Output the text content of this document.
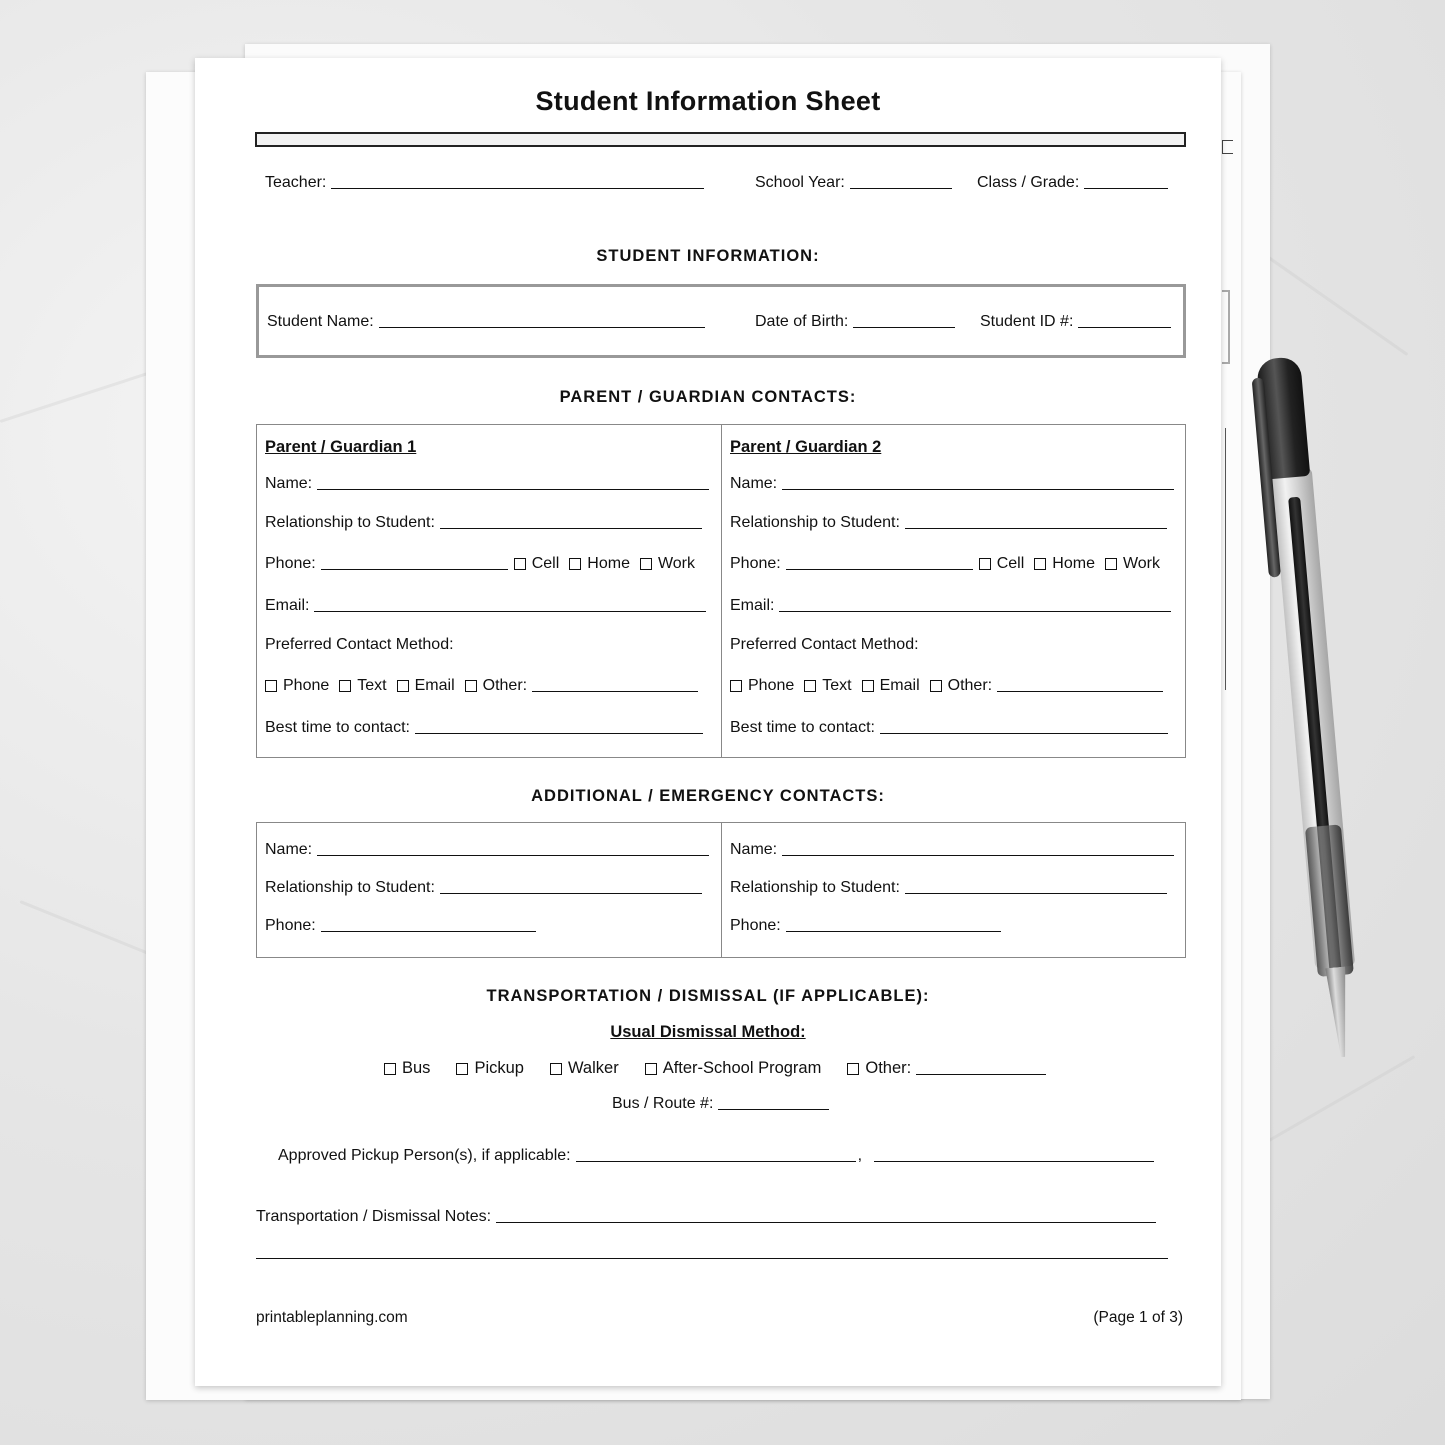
Student Information Sheet
Teacher:	School Year:	Class / Grade:
STUDENT INFORMATION:
Student Name:	Date of Birth:	Student ID #:
PARENT / GUARDIAN CONTACTS:
Parent / Guardian 1
Name:
Relationship to Student:
Phone:	Cell Home Work
Email:
Preferred Contact Method:
Phone Text Email Other:
Best time to contact:
Parent / Guardian 2
Name:
Relationship to Student:
Phone:	Cell Home Work
Email:
Preferred Contact Method:
Phone Text Email Other:
Best time to contact:
ADDITIONAL / EMERGENCY CONTACTS:
Name:
Relationship to Student:
Phone:
Name:
Relationship to Student:
Phone:
TRANSPORTATION / DISMISSAL (IF APPLICABLE):
Usual Dismissal Method:
Bus	Pickup	Walker	After-School Program	Other:
Bus / Route #:
Approved Pickup Person(s), if applicable:	,
Transportation / Dismissal Notes:
printableplanning.com	(Page 1 of 3)
